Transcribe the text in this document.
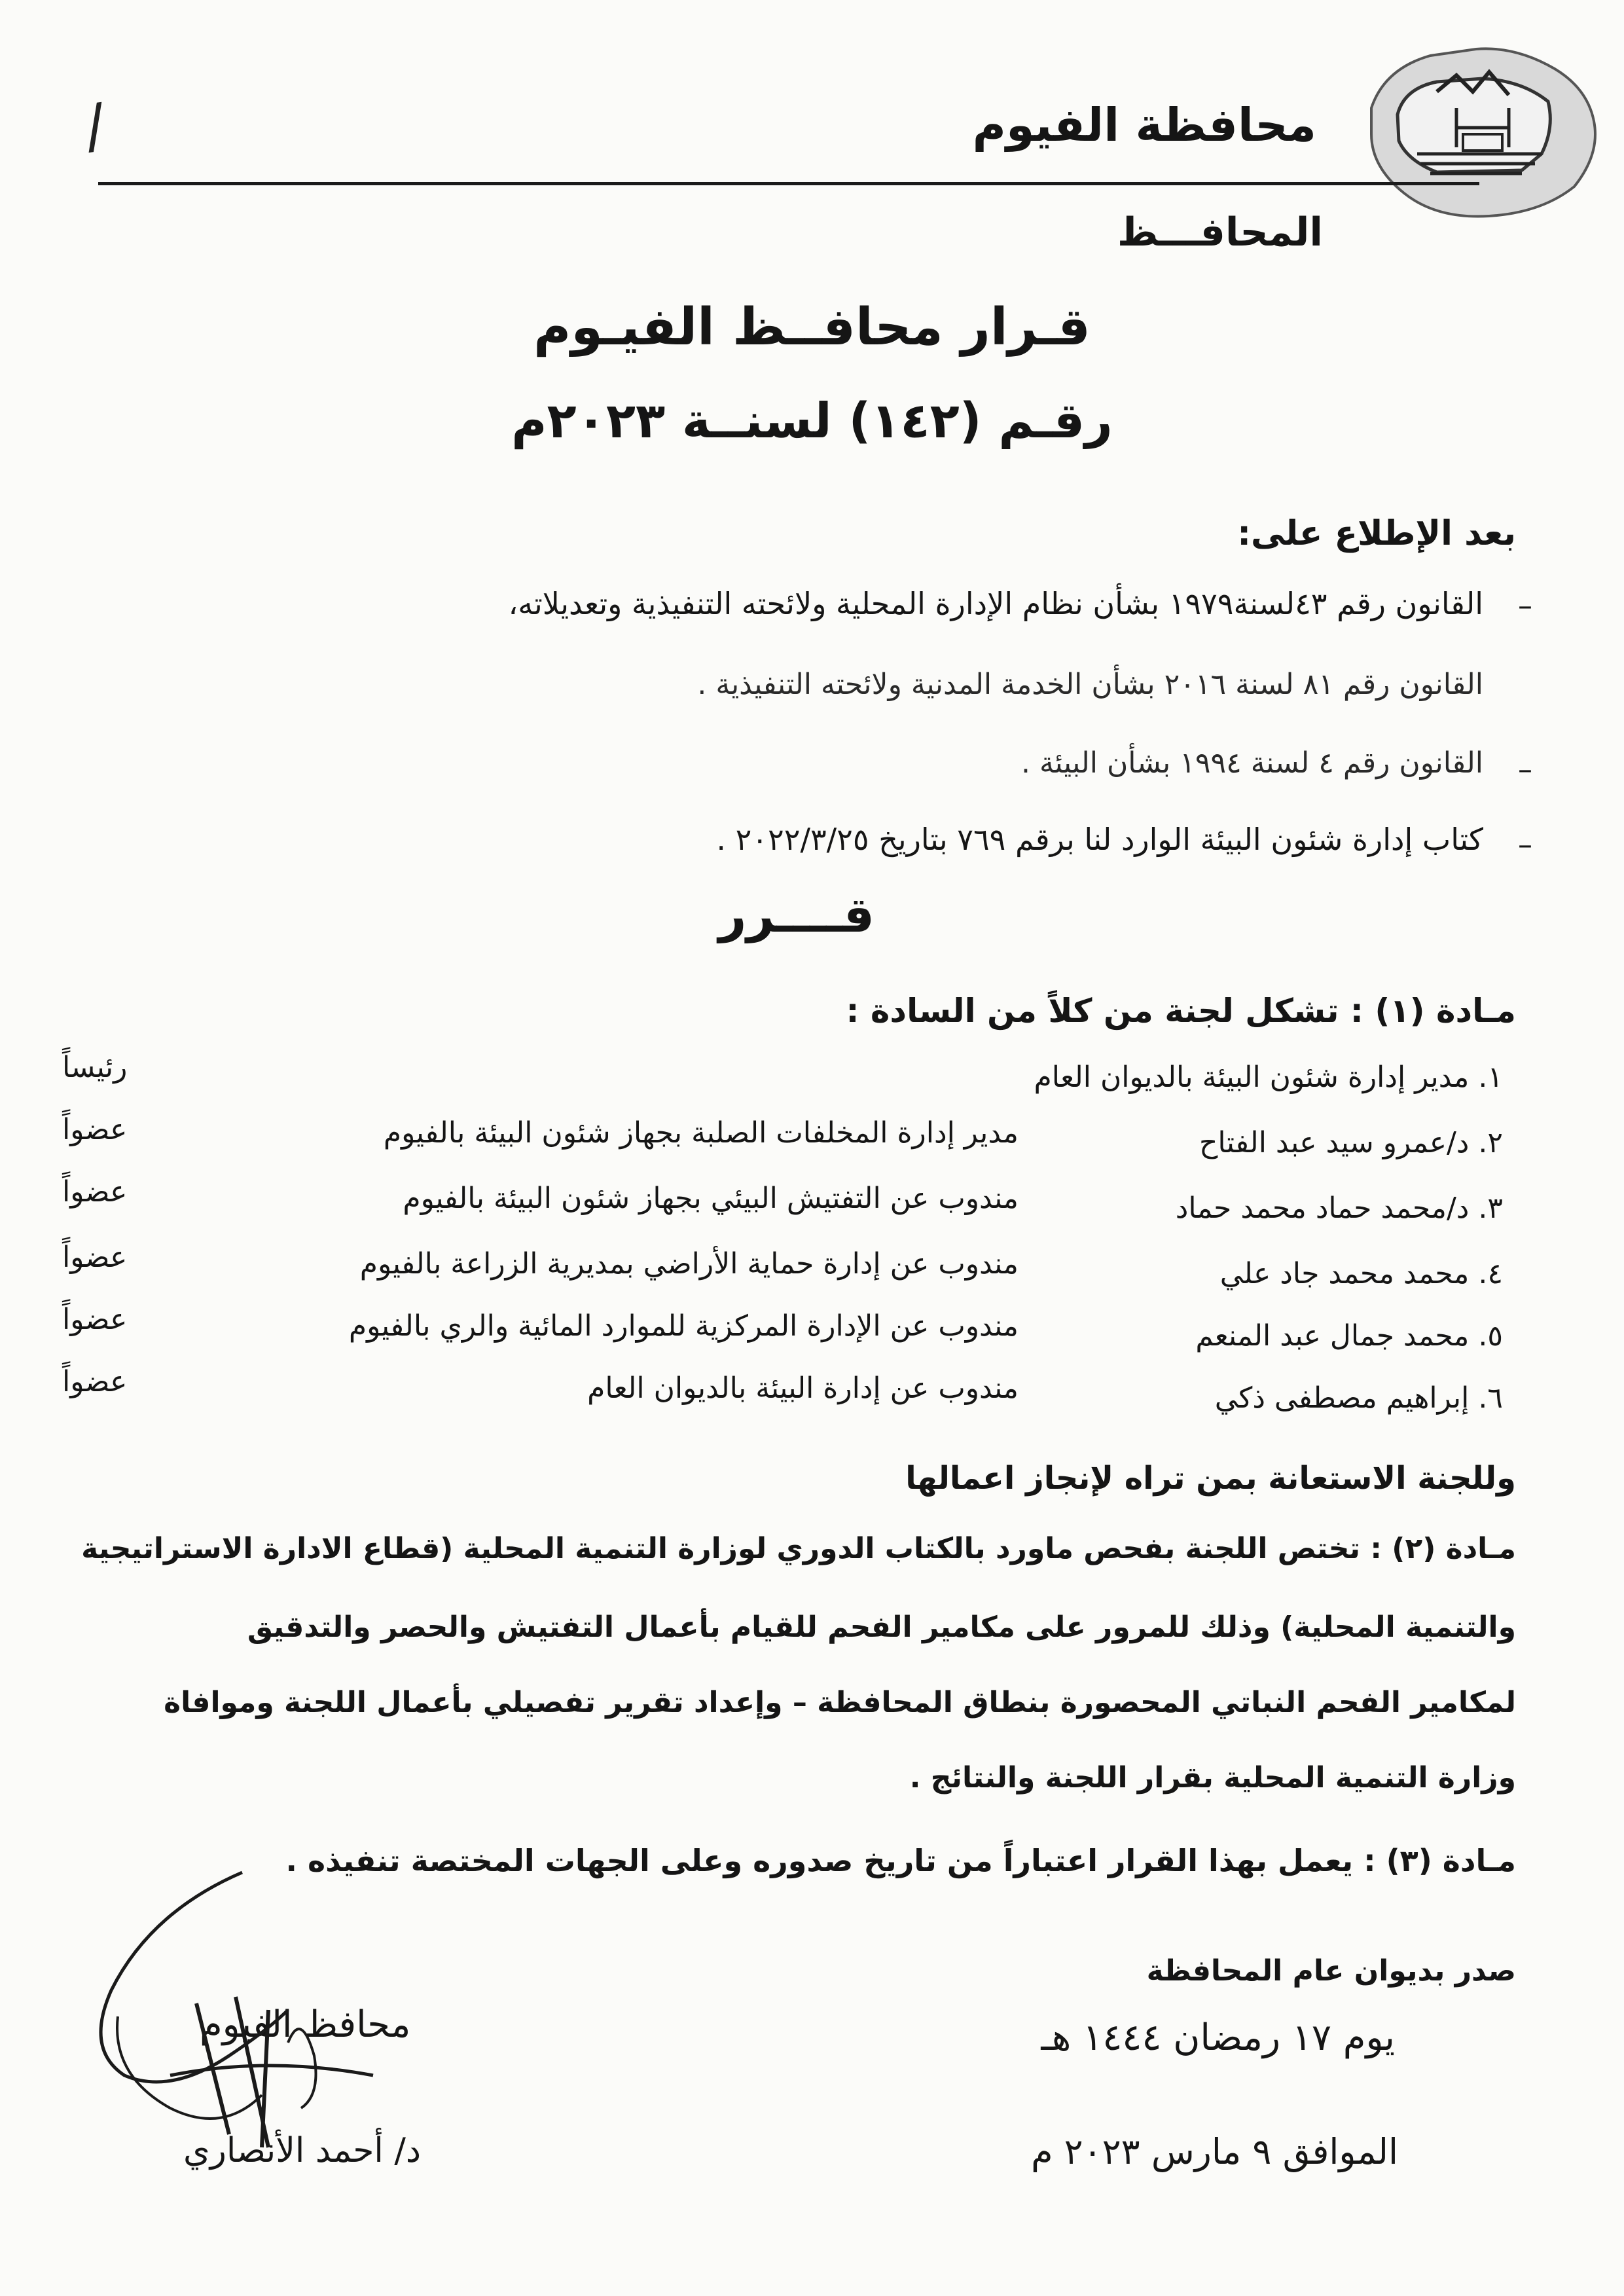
/	محافظة الفيوم
المحافـــظ
قـرار محافــظ الفيـوم
رقـم (١٤٢) لسنــة ٢٠٢٣م
بعد الإطلاع على:
–
القانون رقم ٤٣لسنة١٩٧٩ بشأن نظام الإدارة المحلية ولائحته التنفيذية وتعديلاته،
القانون رقم ٨١ لسنة ٢٠١٦ بشأن الخدمة المدنية ولائحته التنفيذية .
–
القانون رقم ٤ لسنة ١٩٩٤ بشأن البيئة .
–
كتاب إدارة شئون البيئة الوارد لنا برقم ٧٦٩ بتاريخ ٢٠٢٢/٣/٢٥ .
قــــرر
مـادة (١) : تشكل لجنة من كلاً من السادة :
١. مدير إدارة شئون البيئة بالديوان العام
رئيساً
٢. د/عمرو سيد عبد الفتاح
مدير إدارة المخلفات الصلبة بجهاز شئون البيئة بالفيوم
عضواً
٣. د/محمد حماد محمد حماد
مندوب عن التفتيش البيئي بجهاز شئون البيئة بالفيوم
عضواً
٤. محمد محمد جاد علي
مندوب عن إدارة حماية الأراضي بمديرية الزراعة بالفيوم
عضواً
٥. محمد جمال عبد المنعم
مندوب عن الإدارة المركزية للموارد المائية والري بالفيوم
عضواً
٦. إبراهيم مصطفى ذكي
مندوب عن إدارة البيئة بالديوان العام
عضواً
وللجنة الاستعانة بمن تراه لإنجاز اعمالها
مـادة (٢) : تختص اللجنة بفحص ماورد بالكتاب الدوري لوزارة التنمية المحلية (قطاع الادارة الاستراتيجية
والتنمية المحلية) وذلك للمرور على مكامير الفحم للقيام بأعمال التفتيش والحصر والتدقيق
لمكامير الفحم النباتي المحصورة بنطاق المحافظة – وإعداد تقرير تفصيلي بأعمال اللجنة وموافاة
وزارة التنمية المحلية بقرار اللجنة والنتائج .
مـادة (٣) : يعمل بهذا القرار اعتباراً من تاريخ صدوره وعلى الجهات المختصة تنفيذه .
صدر بديوان عام المحافظة
يوم ١٧ رمضان ١٤٤٤ هـ
الموافق ٩ مارس ٢٠٢٣ م
محافظ الفيوم
د/ أحمد الأنصاري
